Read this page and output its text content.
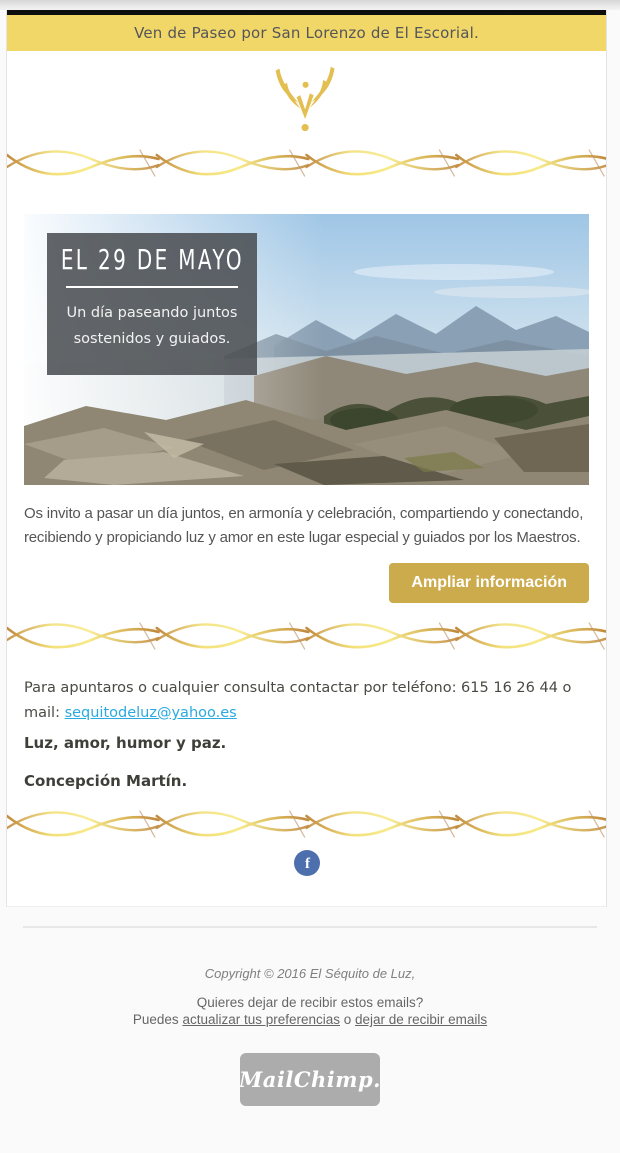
Ven de Paseo por San Lorenzo de El Escorial.
EL 29 DE MAYO
Un día paseando juntos
sostenidos y guiados.

Os invito a pasar un día juntos, en armonía y celebración, compartiendo y conectando, recibiendo y propiciando luz y amor en este lugar especial y guiados por los Maestros.

Ampliar información
Para apuntaros o cualquier consulta contactar por teléfono: 615 16 26 44 o
mail: sequitodeluz@yahoo.es
Luz, amor, humor y paz.
Concepción Martín.
f
Copyright © 2016 El Séquito de Luz,
Quieres dejar de recibir estos emails?
Puedes actualizar tus preferencias o dejar de recibir emails
MailChimp.
